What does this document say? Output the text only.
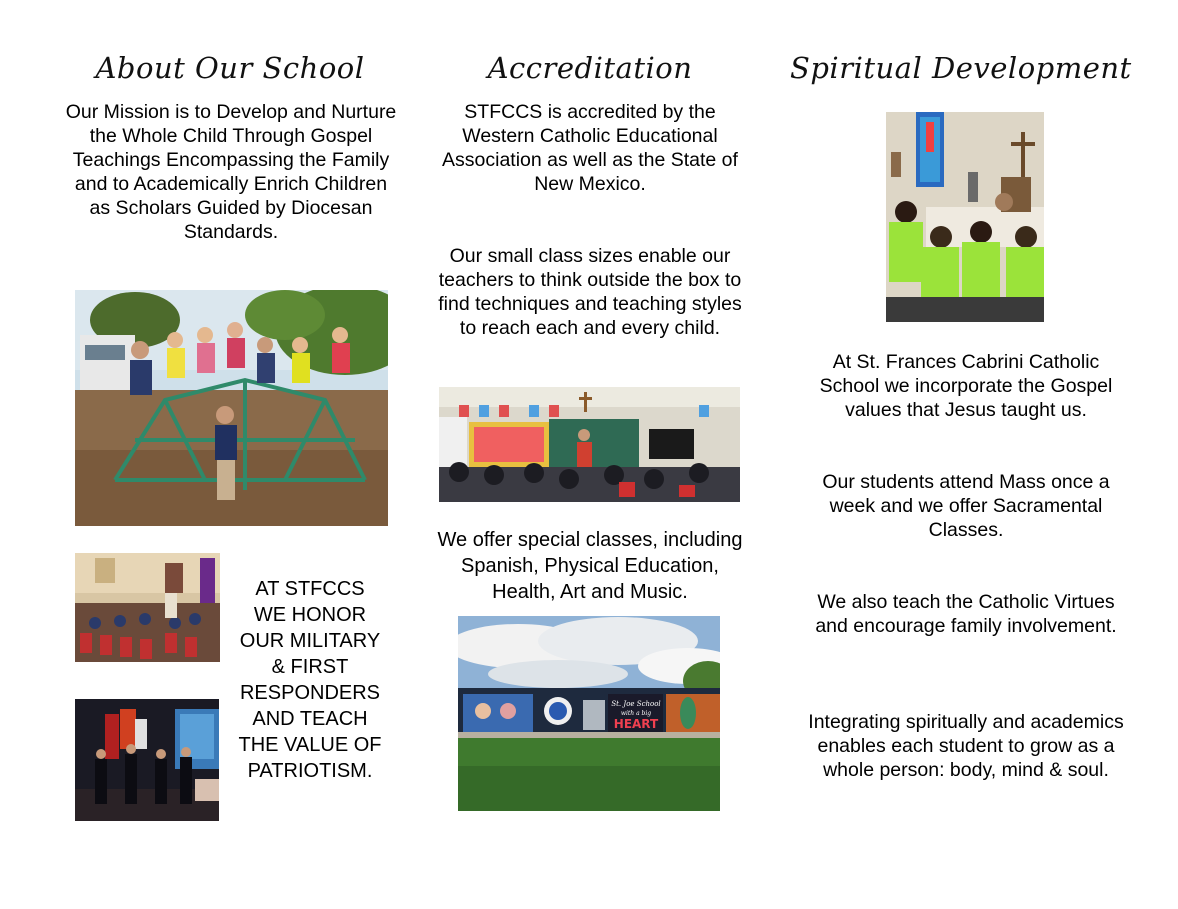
About Our School
Our Mission is to Develop and Nurture the Whole Child Through Gospel Teachings Encompassing the Family and to Academically Enrich Children as Scholars Guided by Diocesan Standards.
AT STFCCS
WE HONOR
OUR MILITARY
& FIRST
RESPONDERS
AND TEACH
THE VALUE OF
PATRIOTISM.
Accreditation
STFCCS is accredited by the Western Catholic Educational Association as well as the State of New Mexico.
Our small class sizes enable our teachers to think outside the box to find techniques and teaching styles to reach each and every child.
We offer special classes, including Spanish, Physical Education, Health, Art and Music.
St. Joe School
with a big
HEART
Spiritual Development
At St. Frances Cabrini Catholic School we incorporate the Gospel values that Jesus taught us.
Our students attend Mass once a week and we offer Sacramental Classes.
We also teach the Catholic Virtues and encourage family involvement.
Integrating spiritually and academics enables each student to grow as a whole person: body, mind & soul.
